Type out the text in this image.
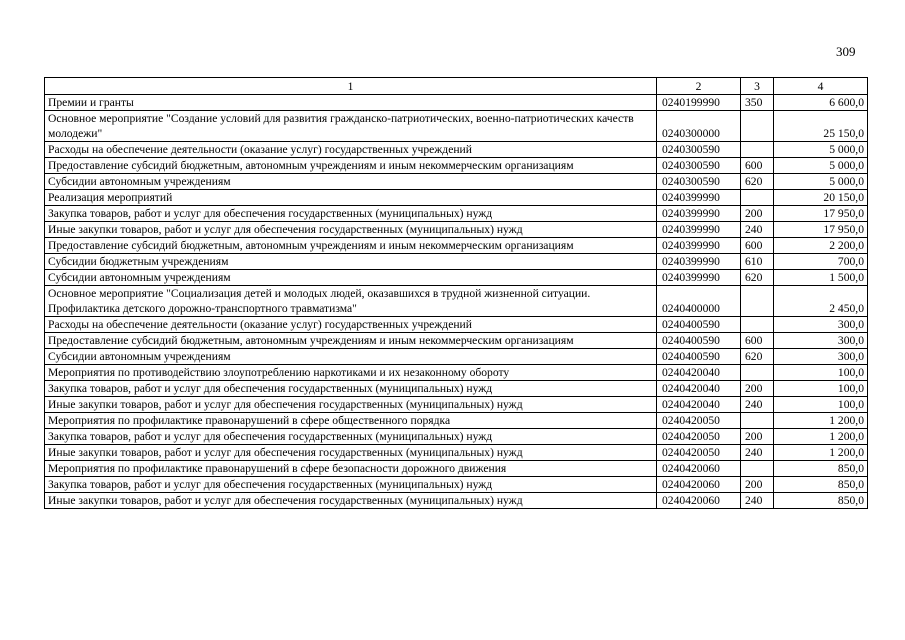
309
1	2	3	4
Премии и гранты	0240199990	350	6 600,0
Основное мероприятие "Создание условий для развития гражданско-патриотических, военно-патриотических качеств молодежи"	0240300000		25 150,0
Расходы на обеспечение деятельности (оказание услуг) государственных учреждений	0240300590		5 000,0
Предоставление субсидий бюджетным, автономным учреждениям и иным некоммерческим организациям	0240300590	600	5 000,0
Субсидии автономным учреждениям	0240300590	620	5 000,0
Реализация мероприятий	0240399990		20 150,0
Закупка товаров, работ и услуг для обеспечения государственных (муниципальных) нужд	0240399990	200	17 950,0
Иные закупки товаров, работ и услуг для обеспечения государственных (муниципальных) нужд	0240399990	240	17 950,0
Предоставление субсидий бюджетным, автономным учреждениям и иным некоммерческим организациям	0240399990	600	2 200,0
Субсидии бюджетным учреждениям	0240399990	610	700,0
Субсидии автономным учреждениям	0240399990	620	1 500,0
Основное мероприятие "Социализация детей и молодых людей, оказавшихся в трудной жизненной ситуации. Профилактика детского дорожно-транспортного травматизма"	0240400000		2 450,0
Расходы на обеспечение деятельности (оказание услуг) государственных учреждений	0240400590		300,0
Предоставление субсидий бюджетным, автономным учреждениям и иным некоммерческим организациям	0240400590	600	300,0
Субсидии автономным учреждениям	0240400590	620	300,0
Мероприятия по противодействию злоупотреблению наркотиками и их незаконному обороту	0240420040		100,0
Закупка товаров, работ и услуг для обеспечения государственных (муниципальных) нужд	0240420040	200	100,0
Иные закупки товаров, работ и услуг для обеспечения государственных (муниципальных) нужд	0240420040	240	100,0
Мероприятия по профилактике правонарушений в сфере общественного порядка	0240420050		1 200,0
Закупка товаров, работ и услуг для обеспечения государственных (муниципальных) нужд	0240420050	200	1 200,0
Иные закупки товаров, работ и услуг для обеспечения государственных (муниципальных) нужд	0240420050	240	1 200,0
Мероприятия по профилактике правонарушений в сфере безопасности дорожного движения	0240420060		850,0
Закупка товаров, работ и услуг для обеспечения государственных (муниципальных) нужд	0240420060	200	850,0
Иные закупки товаров, работ и услуг для обеспечения государственных (муниципальных) нужд	0240420060	240	850,0
